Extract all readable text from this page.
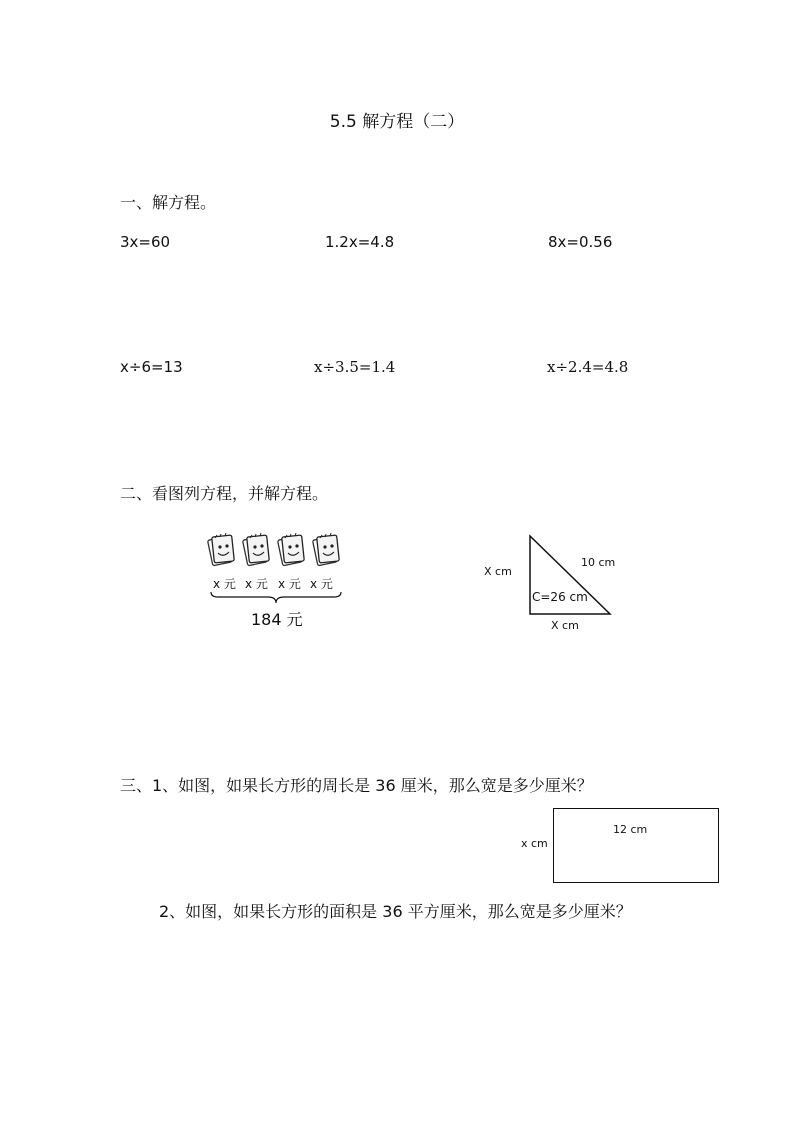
5.5 解方程（二）
一、解方程。
3x=60	1.2x=4.8	8x=0.56
x÷6=13	x÷3.5=1.4	x÷2.4=4.8
二、看图列方程，并解方程。
x 元 x 元 x 元 x 元
184 元
X cm
10 cm
C=26 cm
X cm
三、1、如图，如果长方形的周长是 36 厘米，那么宽是多少厘米？
12 cm
x cm
2、如图，如果长方形的面积是 36 平方厘米，那么宽是多少厘米？
